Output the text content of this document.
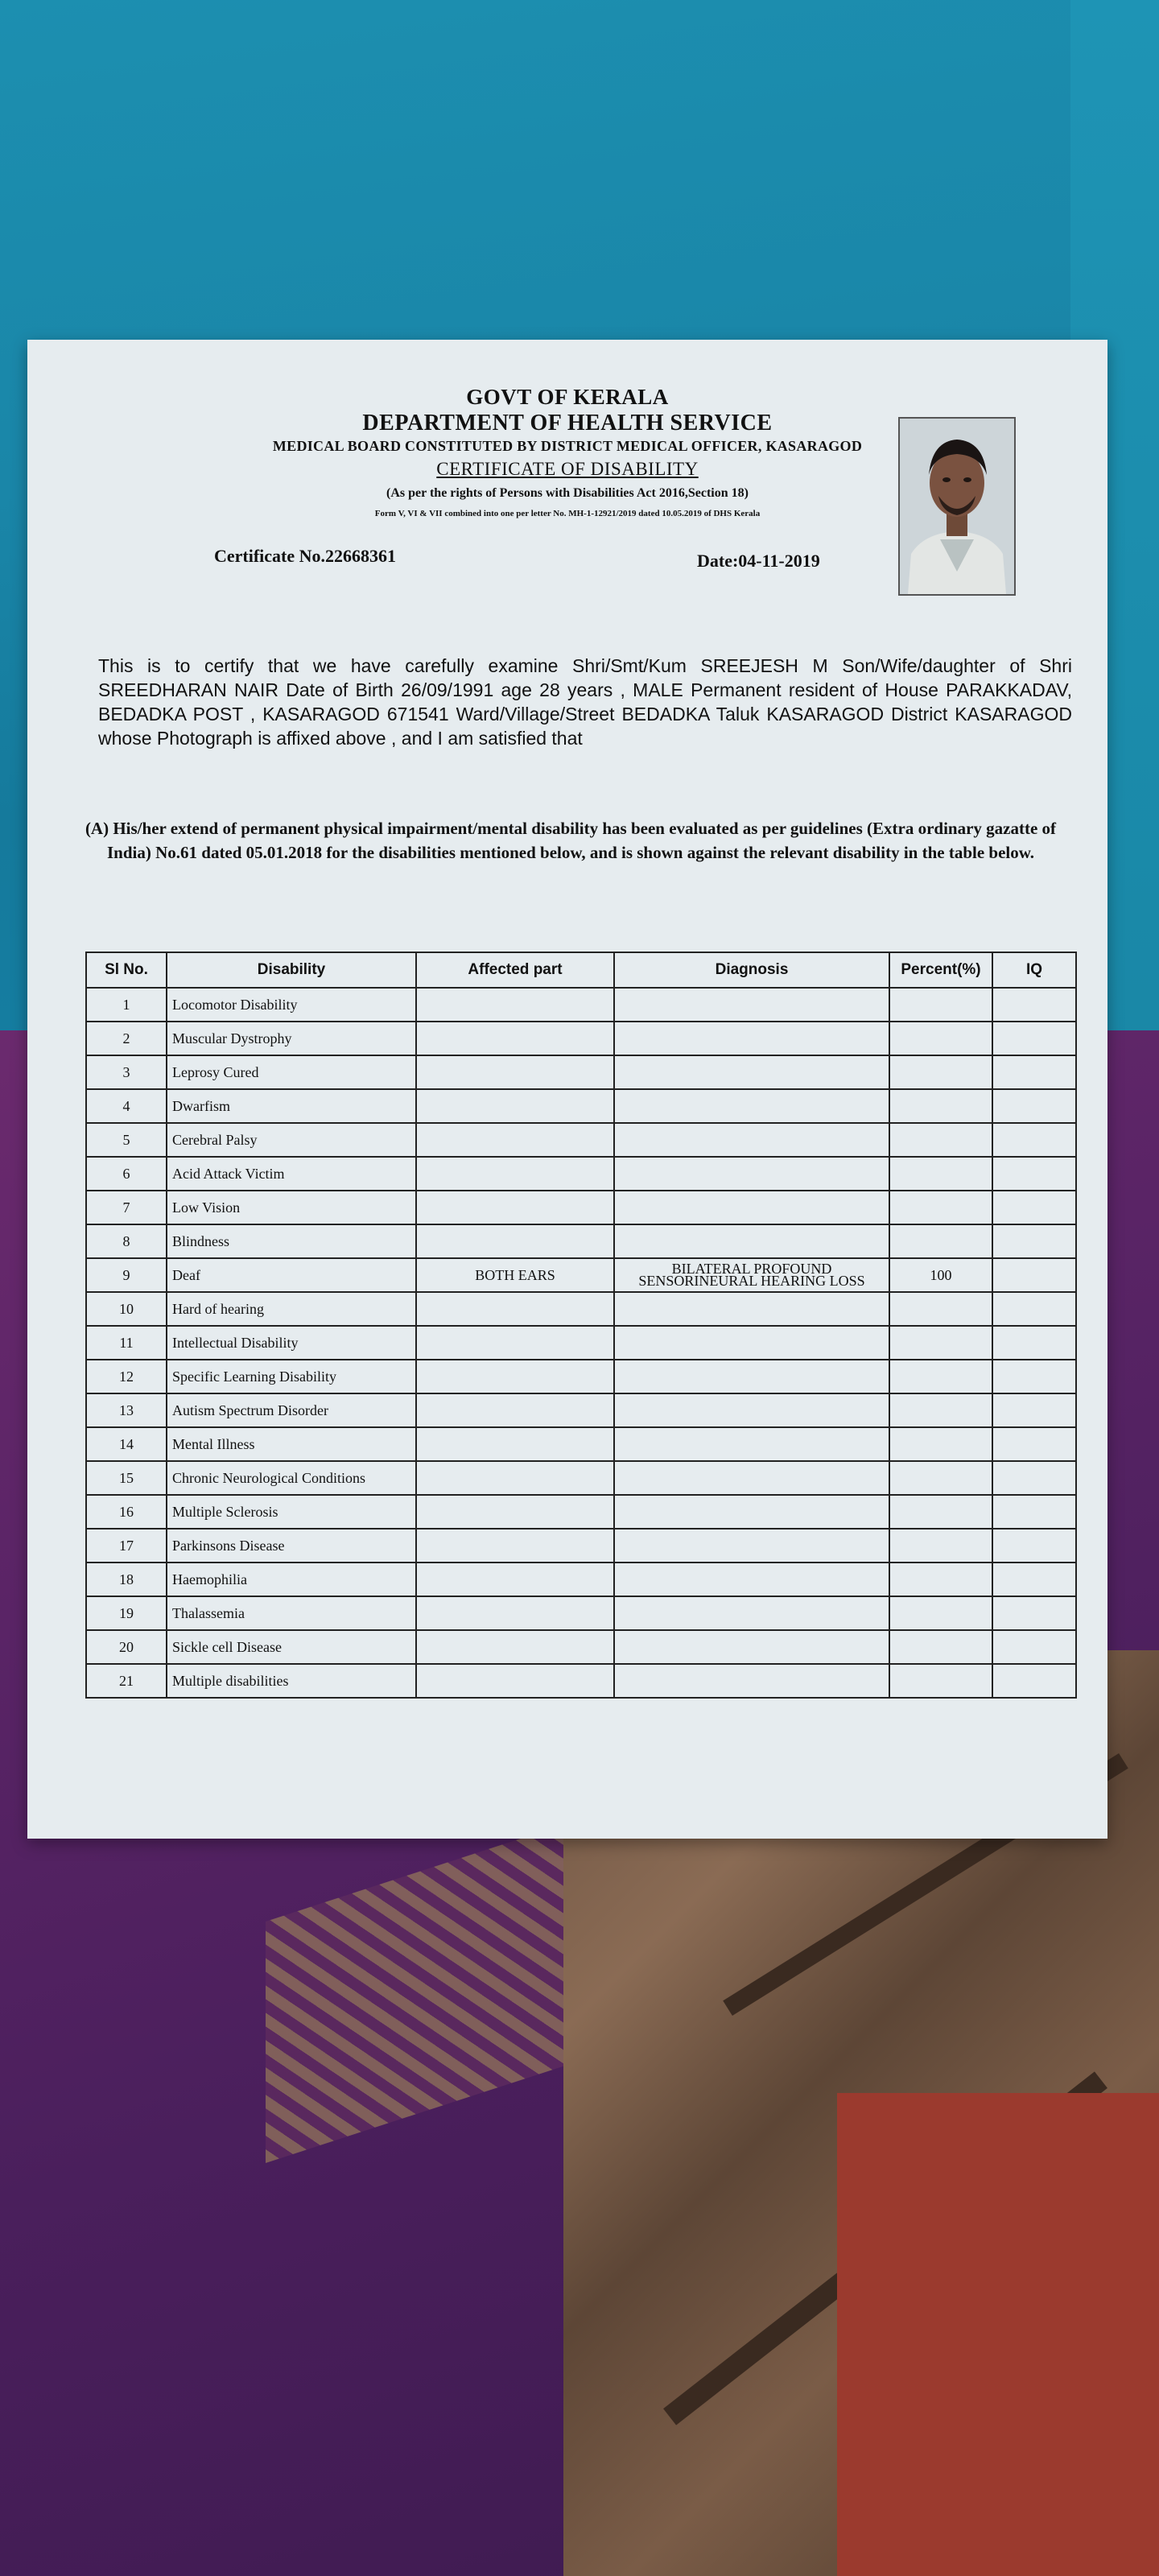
GOVT OF KERALA
DEPARTMENT OF HEALTH SERVICE
MEDICAL BOARD CONSTITUTED BY DISTRICT MEDICAL OFFICER, KASARAGOD
CERTIFICATE OF DISABILITY
(As per the rights of Persons with Disabilities Act 2016,Section 18)
Form V, VI & VII combined into one per letter No. MH-1-12921/2019 dated 10.05.2019 of DHS Kerala
Certificate No.22668361	Date:04-11-2019
This is to certify that we have carefully examine Shri/Smt/Kum SREEJESH M Son/Wife/daughter of Shri SREEDHARAN NAIR Date of Birth 26/09/1991 age 28 years , MALE Permanent resident of House PARAKKADAV, BEDADKA POST , KASARAGOD 671541 Ward/Village/Street BEDADKA Taluk KASARAGOD District KASARAGOD whose Photograph is affixed above , and I am satisfied that
(A) His/her extend of permanent physical impairment/mental disability has been evaluated as per guidelines (Extra ordinary gazatte of India) No.61 dated 05.01.2018 for the disabilities mentioned below, and is shown against the relevant disability in the table below.
Sl No.	Disability	Affected part	Diagnosis	Percent(%)	IQ
1	Locomotor Disability				
2	Muscular Dystrophy				
3	Leprosy Cured				
4	Dwarfism				
5	Cerebral Palsy				
6	Acid Attack Victim				
7	Low Vision				
8	Blindness				
9	Deaf	BOTH EARS	BILATERAL PROFOUND SENSORINEURAL HEARING LOSS	100	
10	Hard of hearing				
11	Intellectual Disability				
12	Specific Learning Disability				
13	Autism Spectrum Disorder				
14	Mental Illness				
15	Chronic Neurological Conditions				
16	Multiple Sclerosis				
17	Parkinsons Disease				
18	Haemophilia				
19	Thalassemia				
20	Sickle cell Disease				
21	Multiple disabilities				
